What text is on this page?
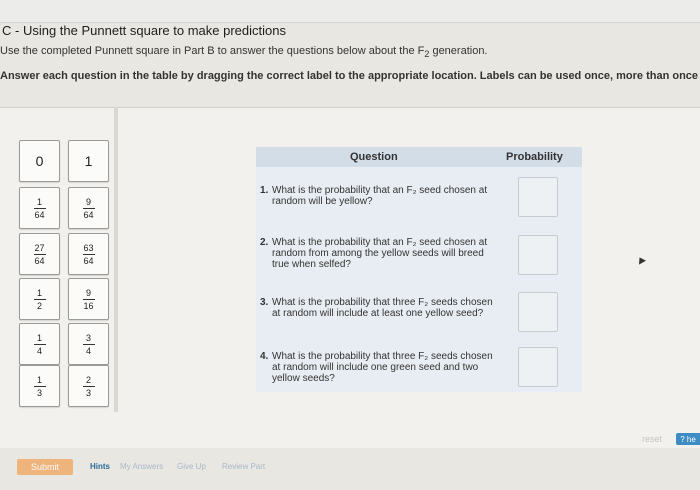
C - Using the Punnett square to make predictions
Use the completed Punnett square in Part B to answer the questions below about the $F_2$ generation.
Answer each question in the table by dragging the correct label to the appropriate location. Labels can be used once, more than once
0	1
$\frac{1}{64}$	$\frac{9}{64}$
$\frac{27}{64}$	$\frac{63}{64}$
$\frac{1}{2}$	$\frac{9}{16}$
$\frac{1}{4}$	$\frac{3}{4}$
$\frac{1}{3}$	$\frac{2}{3}$
Question	Probability
1. What is the probability that an F₂ seed chosen at random will be yellow?
2. What is the probability that an F₂ seed chosen at random from among the yellow seeds will breed true when selfed?
3. What is the probability that three F₂ seeds chosen at random will include at least one yellow seed?
4. What is the probability that three F₂ seeds chosen at random will include one green seed and two yellow seeds?
reset	? he
Submit	Hints My Answers Give Up Review Part
